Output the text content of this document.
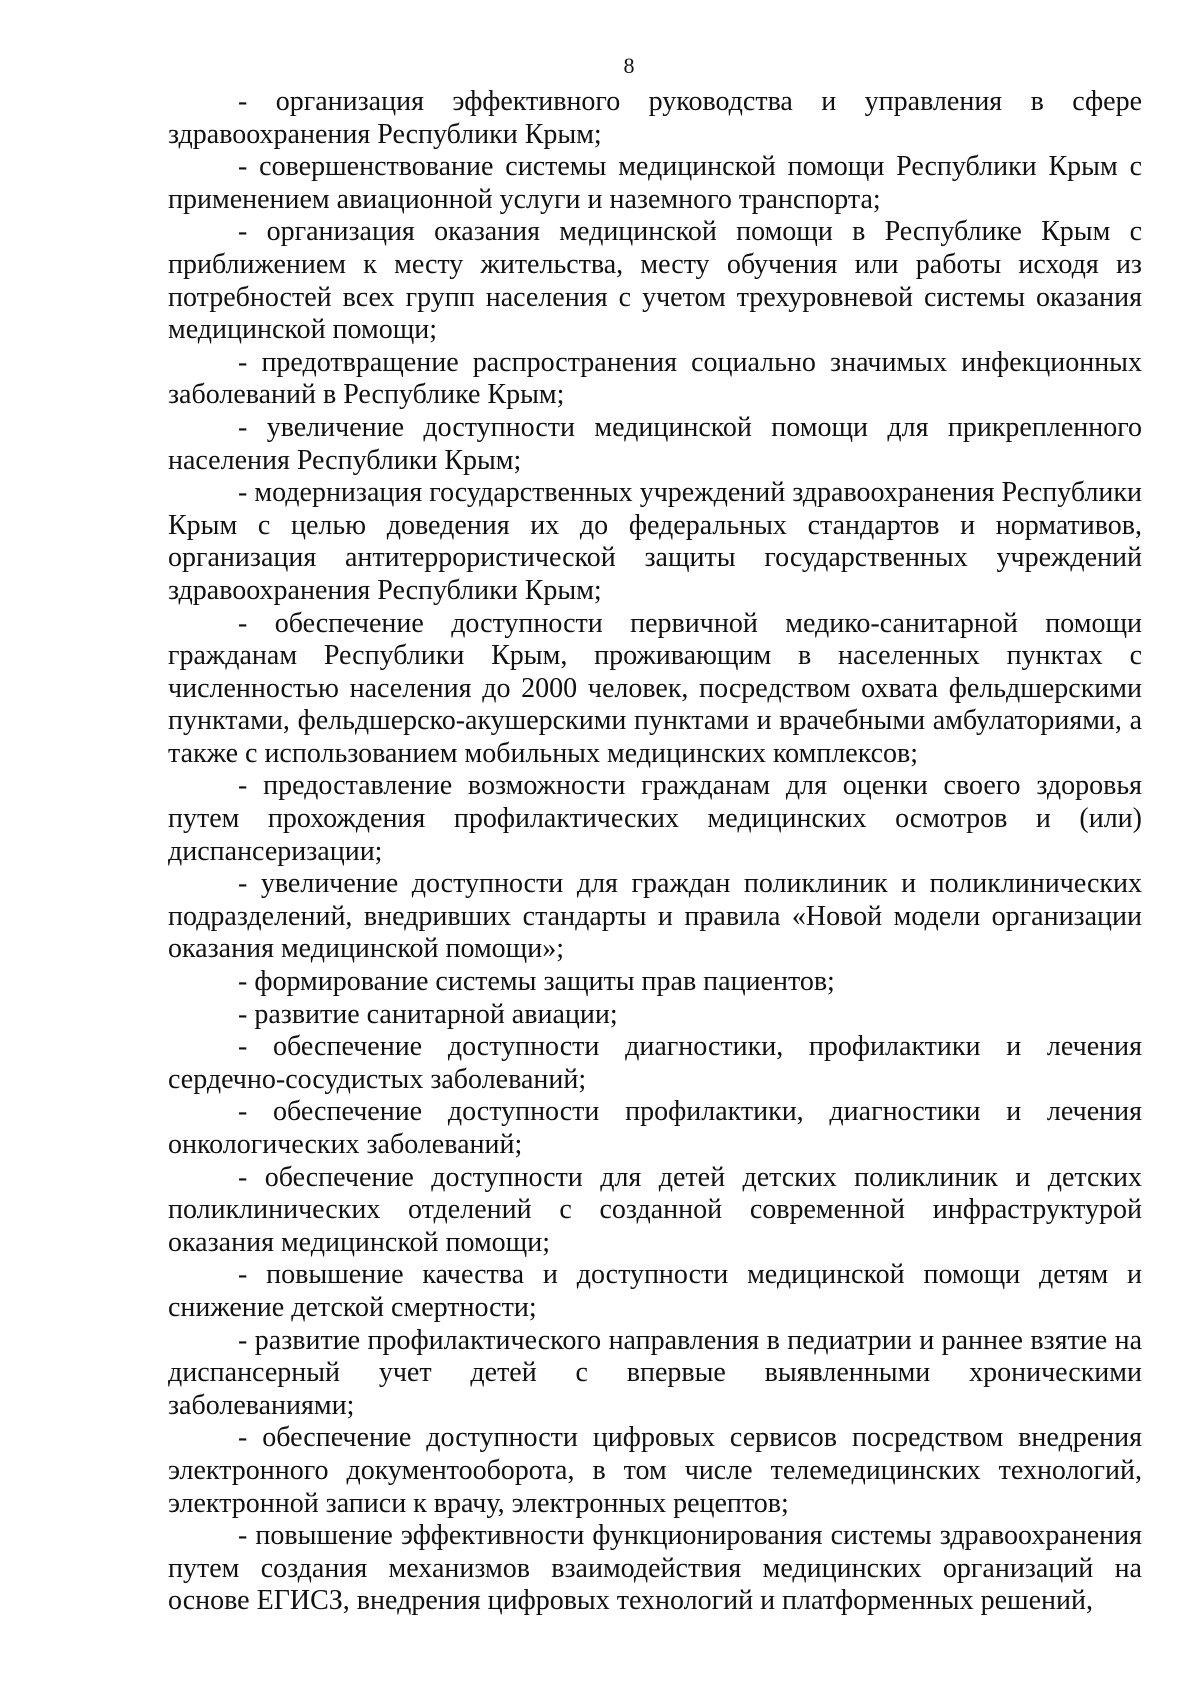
8

- организация эффективного руководства и управления в сфере здравоохранения Республики Крым;

- совершенствование системы медицинской помощи Республики Крым с применением авиационной услуги и наземного транспорта;

- организация оказания медицинской помощи в Республике Крым с приближением к месту жительства, месту обучения или работы исходя из потребностей всех групп населения с учетом трехуровневой системы оказания медицинской помощи;

- предотвращение распространения социально значимых инфекционных заболеваний в Республике Крым;

- увеличение доступности медицинской помощи для прикрепленного населения Республики Крым;

- модернизация государственных учреждений здравоохранения Республики Крым с целью доведения их до федеральных стандартов и нормативов, организация антитеррористической защиты государственных учреждений здравоохранения Республики Крым;

- обеспечение доступности первичной медико-санитарной помощи гражданам Республики Крым, проживающим в населенных пунктах с численностью населения до 2000 человек, посредством охвата фельдшерскими пунктами, фельдшерско-акушерскими пунктами и врачебными амбулаториями, а также с использованием мобильных медицинских комплексов;

- предоставление возможности гражданам для оценки своего здоровья путем прохождения профилактических медицинских осмотров и (или) диспансеризации;

- увеличение доступности для граждан поликлиник и поликлинических подразделений, внедривших стандарты и правила «Новой модели организации оказания медицинской помощи»;

- формирование системы защиты прав пациентов;

- развитие санитарной авиации;

- обеспечение доступности диагностики, профилактики и лечения сердечно-сосудистых заболеваний;

- обеспечение доступности профилактики, диагностики и лечения онкологических заболеваний;

- обеспечение доступности для детей детских поликлиник и детских поликлинических отделений с созданной современной инфраструктурой оказания медицинской помощи;

- повышение качества и доступности медицинской помощи детям и снижение детской смертности;

- развитие профилактического направления в педиатрии и раннее взятие на диспансерный учет детей с впервые выявленными хроническими заболеваниями;

- обеспечение доступности цифровых сервисов посредством внедрения электронного документооборота, в том числе телемедицинских технологий, электронной записи к врачу, электронных рецептов;

- повышение эффективности функционирования системы здравоохранения путем создания механизмов взаимодействия медицинских организаций на основе ЕГИСЗ, внедрения цифровых технологий и платформенных решений,
